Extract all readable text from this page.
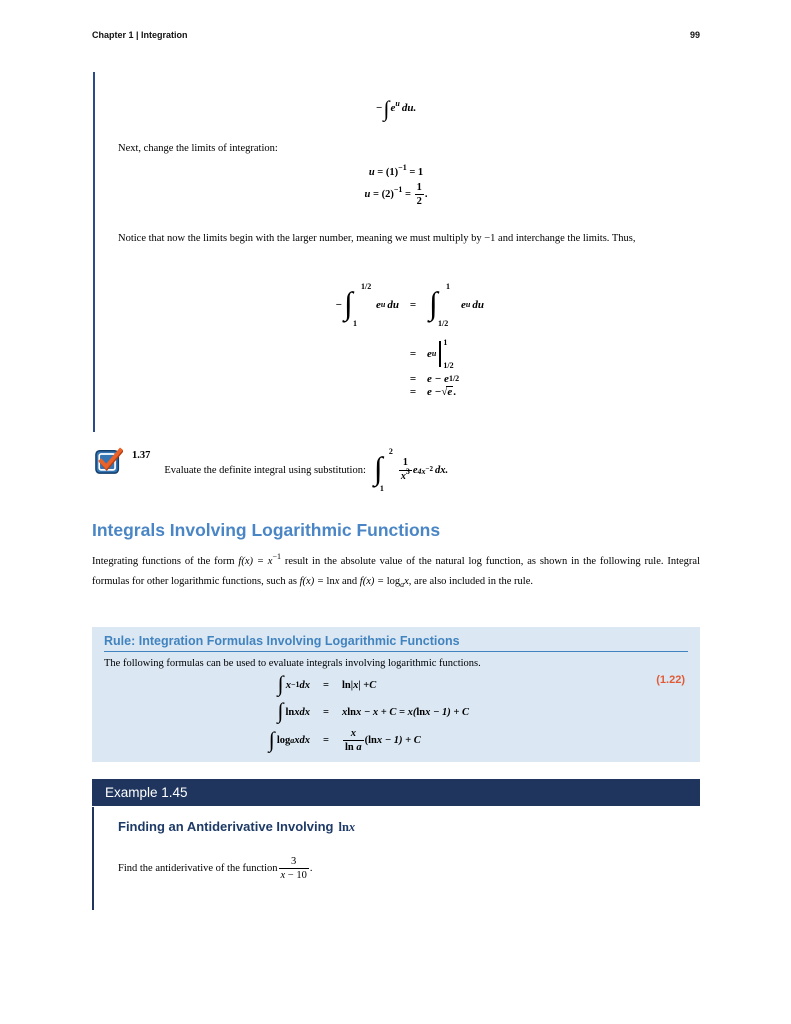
Chapter 1 | Integration	99
$-\int e^u$ du.

Next, change the limits of integration:

$u = (1)^{-1} = 1$
$u = (2)^{-1} = \frac{1}{2}$ .

Notice that now the limits begin with the larger number, meaning we must multiply by −1 and interchange the limits. Thus,

− ∫ 1/2
1
e u du = ∫ 1
1/2
e u du
= e u
1
1/2
= e − e 1/2
= e − √ e .
1.37
Evaluate the definite integral using substitution: ∫ 2
1
$\frac{1}{x^3}$ e $4x^{-2}$ dx.
Integrals Involving Logarithmic Functions

Integrating functions of the form $f(x) = x^{-1}$ result in the absolute value of the natural log function, as shown in the following rule. Integral formulas for other logarithmic functions, such as f(x) = lnx and $f(x) = \log_ax$, are also included in the rule.

Rule: Integration Formulas Involving Logarithmic Functions

The following formulas can be used to evaluate integrals involving logarithmic functions.

∫ x −1 dx	=	ln | x | + C
∫ ln x dx	=	x ln x − x + C = x( ln x − 1) + C
∫ log a x dx	=	$\frac{x}{\text{ln a}}$ ( ln x − 1) + C
(1.22)
Example 1.45
Finding an Antiderivative Involving lnx
Find the antiderivative of the function $\frac{3}{x - 10}$ .
